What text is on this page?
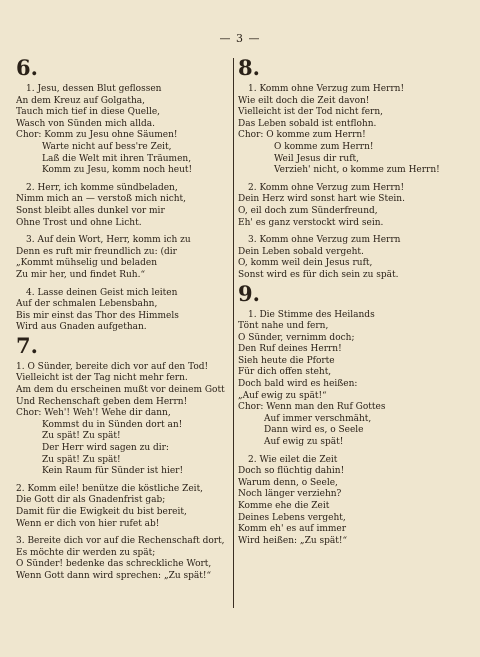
— 3 —
6.
1. Jesu, dessen Blut geflossen
An dem Kreuz auf Golgatha,
Tauch mich tief in diese Quelle,
Wasch von Sünden mich allda.
Chor: Komm zu Jesu ohne Säumen!
Warte nicht auf bess're Zeit,
Laß die Welt mit ihren Träumen,
Komm zu Jesu, komm noch heut!
2. Herr, ich komme sündbeladen,
Nimm mich an — verstoß mich nicht,
Sonst bleibt alles dunkel vor mir
Ohne Trost und ohne Licht.
3. Auf dein Wort, Herr, komm ich zu
Denn es ruft mir freundlich zu: (dir
„Kommt mühselig und beladen
Zu mir her, und findet Ruh.“
4. Lasse deinen Geist mich leiten
Auf der schmalen Lebensbahn,
Bis mir einst das Thor des Himmels
Wird aus Gnaden aufgethan.
7.
1. O Sünder, bereite dich vor auf den Tod!
Vielleicht ist der Tag nicht mehr fern.
Am dem du erscheinen mußt vor deinem Gott
Und Rechenschaft geben dem Herrn!
Chor: Weh'! Weh'! Wehe dir dann,
Kommst du in Sünden dort an!
Zu spät! Zu spät!
Der Herr wird sagen zu dir:
Zu spät! Zu spät!
Kein Raum für Sünder ist hier!
2. Komm eile! benütze die köstliche Zeit,
Die Gott dir als Gnadenfrist gab;
Damit für die Ewigkeit du bist bereit,
Wenn er dich von hier rufet ab!
3. Bereite dich vor auf die Rechenschaft dort,
Es möchte dir werden zu spät;
O Sünder! bedenke das schreckliche Wort,
Wenn Gott dann wird sprechen: „Zu spät!“
8.
1. Komm ohne Verzug zum Herrn!
Wie eilt doch die Zeit davon!
Vielleicht ist der Tod nicht fern,
Das Leben sobald ist entflohn.
Chor: O komme zum Herrn!
O komme zum Herrn!
Weil Jesus dir ruft,
Verzieh' nicht, o komme zum Herrn!
2. Komm ohne Verzug zum Herrn!
Dein Herz wird sonst hart wie Stein.
O, eil doch zum Sünderfreund,
Eh' es ganz verstockt wird sein.
3. Komm ohne Verzug zum Herrn
Dein Leben sobald vergeht.
O, komm weil dein Jesus ruft,
Sonst wird es für dich sein zu spät.
9.
1. Die Stimme des Heilands
Tönt nahe und fern,
O Sünder, vernimm doch;
Den Ruf deines Herrn!
Sieh heute die Pforte
Für dich offen steht,
Doch bald wird es heißen:
„Auf ewig zu spät!“
Chor: Wenn man den Ruf Gottes
Auf immer verschmäht,
Dann wird es, o Seele
Auf ewig zu spät!
2. Wie eilet die Zeit
Doch so flüchtig dahin!
Warum denn, o Seele,
Noch länger verziehn?
Komme ehe die Zeit
Deines Lebens vergeht,
Komm eh' es auf immer
Wird heißen: „Zu spät!“
